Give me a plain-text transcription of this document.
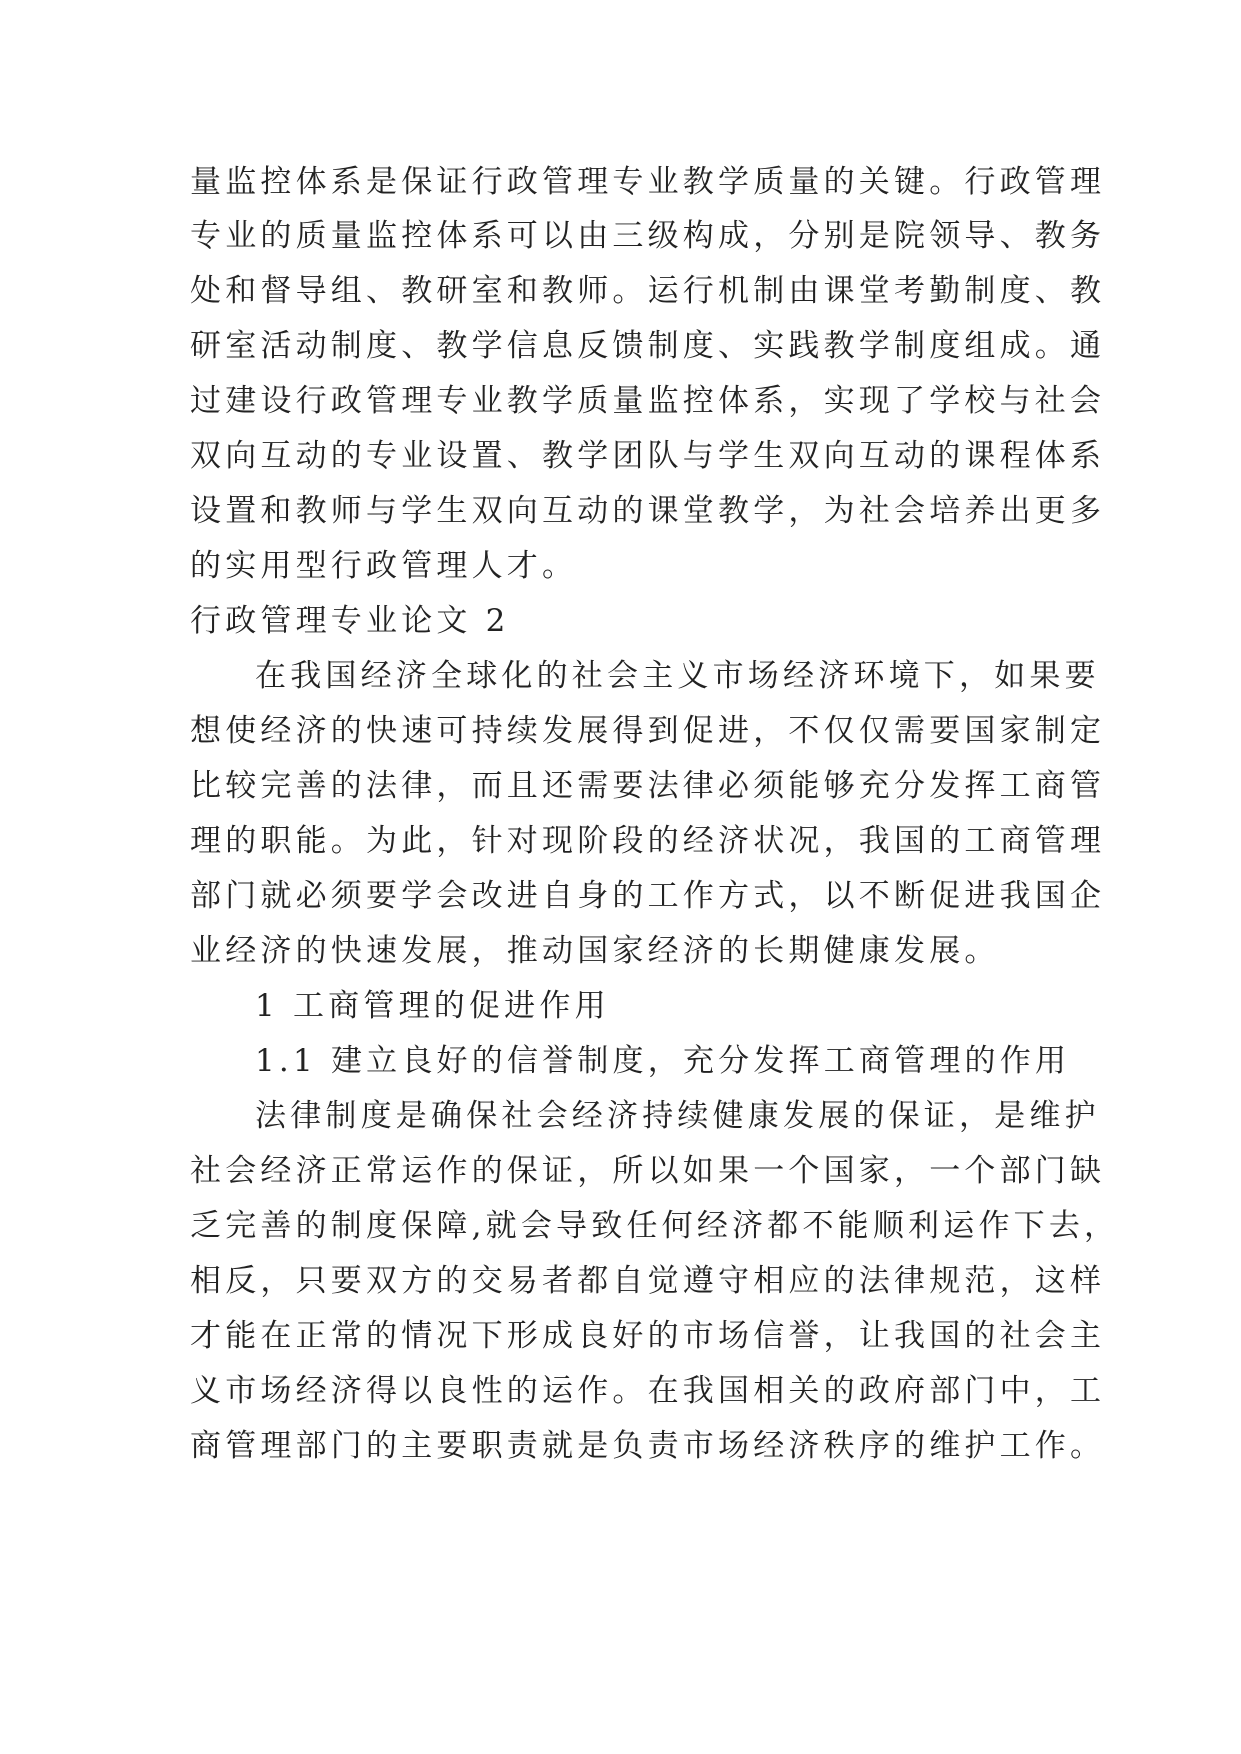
量监控体系是保证行政管理专业教学质量的关键。行政管理
专业的质量监控体系可以由三级构成，分别是院领导、教务
处和督导组、教研室和教师。运行机制由课堂考勤制度、教
研室活动制度、教学信息反馈制度、实践教学制度组成。通
过建设行政管理专业教学质量监控体系，实现了学校与社会
双向互动的专业设置、教学团队与学生双向互动的课程体系
设置和教师与学生双向互动的课堂教学，为社会培养出更多
的实用型行政管理人才。
行政管理专业论文 2
在我国经济全球化的社会主义市场经济环境下，如果要
想使经济的快速可持续发展得到促进，不仅仅需要国家制定
比较完善的法律，而且还需要法律必须能够充分发挥工商管
理的职能。为此，针对现阶段的经济状况，我国的工商管理
部门就必须要学会改进自身的工作方式，以不断促进我国企
业经济的快速发展，推动国家经济的长期健康发展。
1 工商管理的促进作用
1.1 建立良好的信誉制度，充分发挥工商管理的作用
法律制度是确保社会经济持续健康发展的保证，是维护
社会经济正常运作的保证，所以如果一个国家，一个部门缺
乏完善的制度保障,就会导致任何经济都不能顺利运作下去，
相反，只要双方的交易者都自觉遵守相应的法律规范，这样
才能在正常的情况下形成良好的市场信誉，让我国的社会主
义市场经济得以良性的运作。在我国相关的政府部门中，工
商管理部门的主要职责就是负责市场经济秩序的维护工作。
